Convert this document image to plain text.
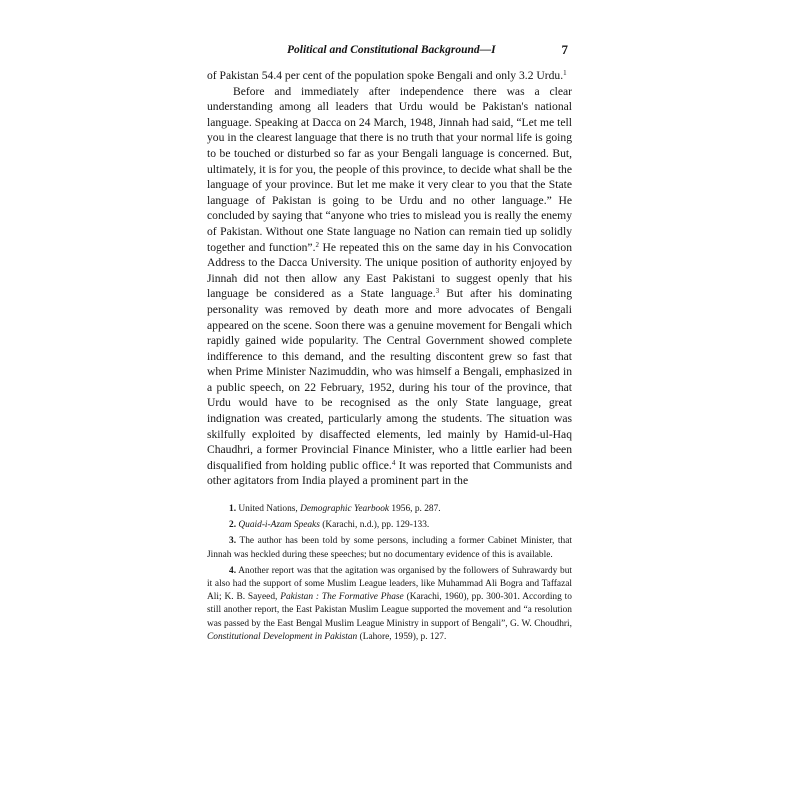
Political and Constitutional Background—I	7

of Pakistan 54.4 per cent of the population spoke Bengali and only 3.2 Urdu.$^1$

Before and immediately after independence there was a clear understanding among all leaders that Urdu would be Pakistan's national language. Speaking at Dacca on 24 March, 1948, Jinnah had said, “Let me tell you in the clearest language that there is no truth that your normal life is going to be touched or disturbed so far as your Bengali language is concerned. But, ultimately, it is for you, the people of this province, to decide what shall be the language of your province. But let me make it very clear to you that the State language of Pakistan is going to be Urdu and no other language.” He concluded by saying that “anyone who tries to mislead you is really the enemy of Pakistan. Without one State language no Nation can remain tied up solidly together and function”.$^2$ He repeated this on the same day in his Convocation Address to the Dacca University. The unique position of authority enjoyed by Jinnah did not then allow any East Pakistani to suggest openly that his language be considered as a State language.$^3$ But after his dominating personality was removed by death more and more advocates of Bengali appeared on the scene. Soon there was a genuine movement for Bengali which rapidly gained wide popularity. The Central Government showed complete indifference to this demand, and the resulting discontent grew so fast that when Prime Minister Nazimuddin, who was himself a Bengali, emphasized in a public speech, on 22 February, 1952, during his tour of the province, that Urdu would have to be recognised as the only State language, great indignation was created, particularly among the students. The situation was skilfully exploited by disaffected elements, led mainly by Hamid-ul-Haq Chaudhri, a former Provincial Finance Minister, who a little earlier had been disqualified from holding public office.$^4$ It was reported that Communists and other agitators from India played a prominent part in the

1. United Nations, Demographic Yearbook 1956, p. 287.

2. Quaid-i-Azam Speaks (Karachi, n.d.), pp. 129-133.

3. The author has been told by some persons, including a former Cabinet Minister, that Jinnah was heckled during these speeches; but no documentary evidence of this is available.

4. Another report was that the agitation was organised by the followers of Suhrawardy but it also had the support of some Muslim League leaders, like Muhammad Ali Bogra and Taffazal Ali; K. B. Sayeed, Pakistan : The Formative Phase (Karachi, 1960), pp. 300-301. According to still another report, the East Pakistan Muslim League supported the movement and “a resolution was passed by the East Bengal Muslim League Ministry in support of Bengali”, G. W. Choudhri, Constitutional Development in Pakistan (Lahore, 1959), p. 127.
